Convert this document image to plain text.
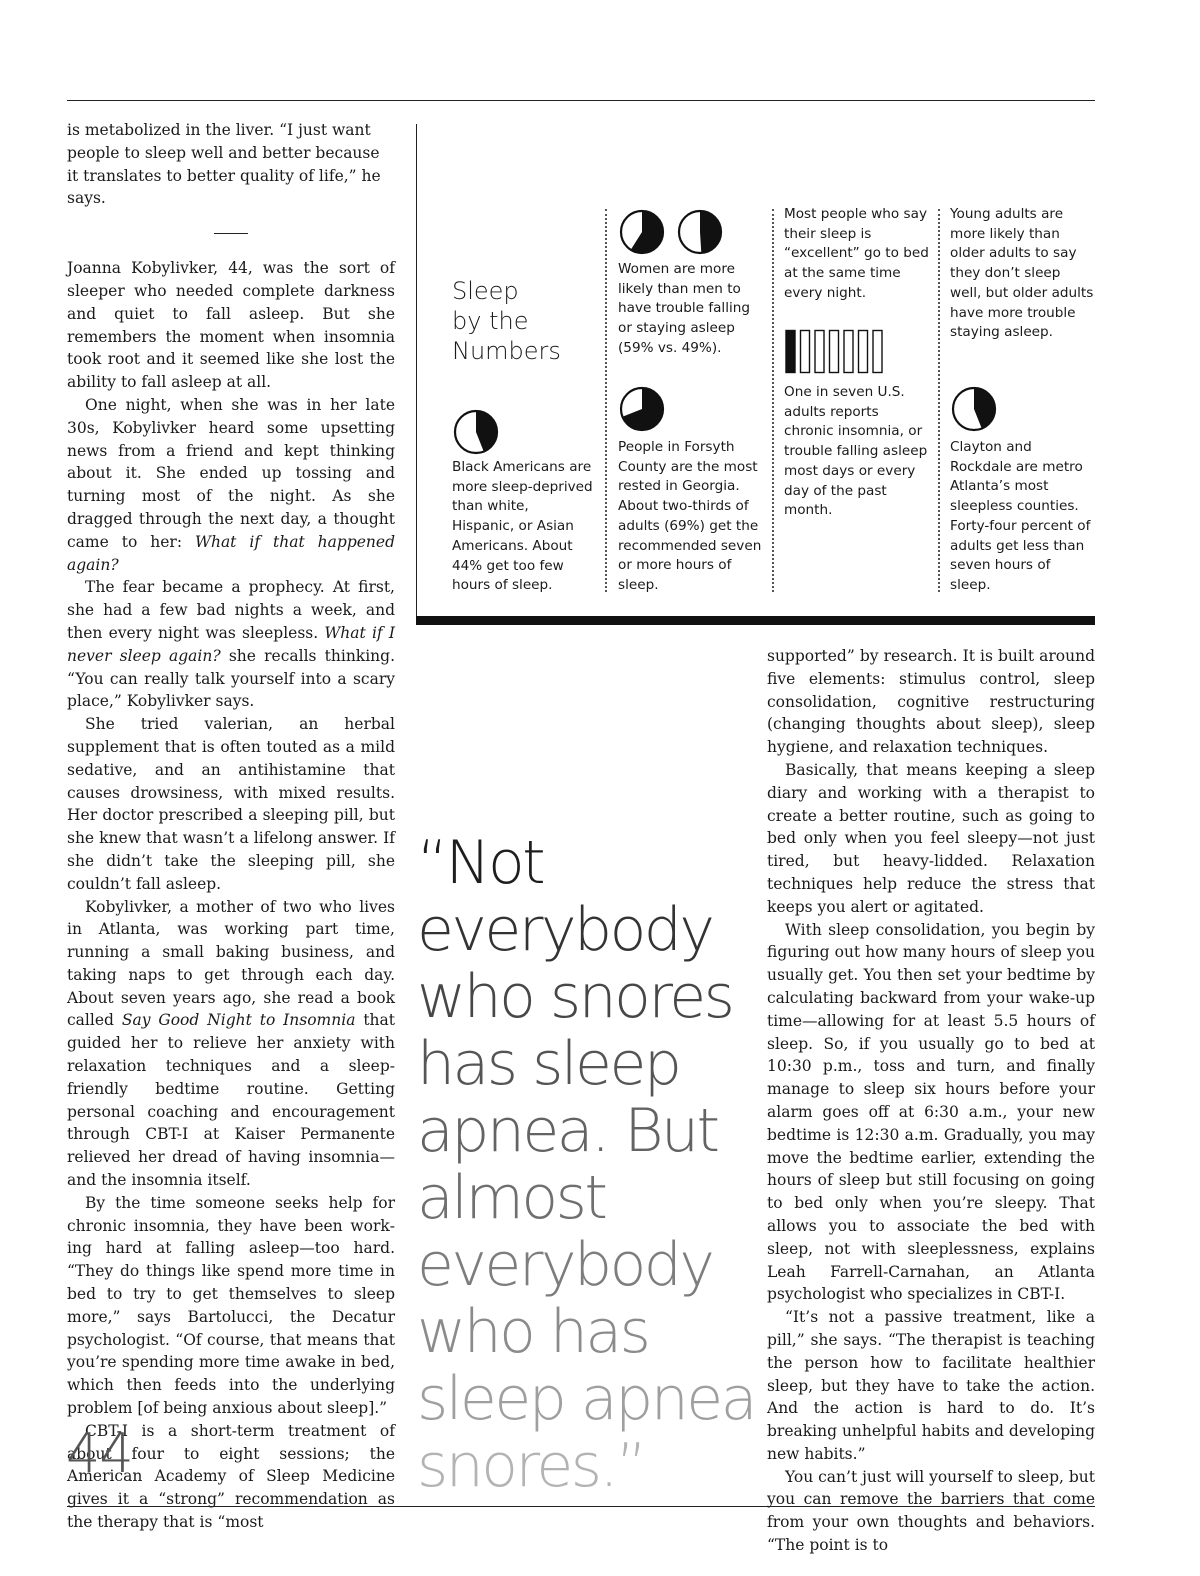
is metabolized in the liver. “I just want people to sleep well and better because it translates to better quality of life,” he says.

Joanna Kobylivker, 44, was the sort of sleeper who needed complete darkness and quiet to fall asleep. But she remembers the moment when insomnia took root and it seemed like she lost the ability to fall asleep at all.

One night, when she was in her late 30s, Kobylivker heard some upsetting news from a friend and kept thinking about it. She ended up tossing and turning most of the night. As she dragged through the next day, a thought came to her: What if that happened again?

The fear became a prophecy. At first, she had a few bad nights a week, and then every night was sleepless. What if I never sleep again? she recalls thinking. “You can really talk yourself into a scary place,” Kobylivker says.

She tried valerian, an herbal supplement that is often touted as a mild sedative, and an antihistamine that causes drowsiness, with mixed results. Her doctor prescribed a sleeping pill, but she knew that wasn’t a lifelong answer. If she didn’t take the sleeping pill, she couldn’t fall asleep.

Kobylivker, a mother of two who lives in Atlanta, was working part time, running a small baking business, and taking naps to get through each day. About seven years ago, she read a book called Say Good Night to Insomnia that guided her to relieve her anxiety with relaxation techniques and a sleep-friendly bedtime routine. Getting personal coaching and encouragement through CBT-I at Kaiser Permanente relieved her dread of having insomnia—and the insomnia itself.

By the time someone seeks help for chronic insomnia, they have been working hard at falling asleep—too hard. “They do things like spend more time in bed to try to get themselves to sleep more,” says Bartolucci, the Decatur psychologist. “Of course, that means that you’re spending more time awake in bed, which then feeds into the underlying problem [of being anxious about sleep].”

CBT-I is a short-term treatment of about four to eight sessions; the American Academy of Sleep Medicine gives it a “strong” recommendation as the therapy that is “most

Sleep
by the
Numbers
Black Americans are more sleep-deprived than white, Hispanic, or Asian Americans. About 44% get too few hours of sleep.
Women are more likely than men to have trouble falling or staying asleep (59% vs. 49%).
People in Forsyth County are the most rested in Georgia. About two-thirds of adults (69%) get the recommended seven or more hours of sleep.
Most people who say their sleep is “excellent” go to bed at the same time every night.
One in seven U.S. adults reports chronic insomnia, or trouble falling asleep most days or every day of the past month.
Young adults are more likely than older adults to say they don’t sleep well, but older adults have more trouble staying asleep.
Clayton and Rockdale are metro Atlanta’s most sleepless counties. Forty-four percent of adults get less than seven hours of sleep.
“Not
everybody
who snores
has sleep
apnea. But
almost
everybody
who has
sleep apnea
snores.”

supported” by research. It is built around five elements: stimulus control, sleep consolidation, cognitive restructuring (changing thoughts about sleep), sleep hygiene, and relaxation techniques.

Basically, that means keeping a sleep diary and working with a therapist to create a better routine, such as going to bed only when you feel sleepy—not just tired, but heavy-lidded. Relaxation techniques help reduce the stress that keeps you alert or agitated.

With sleep consolidation, you begin by figuring out how many hours of sleep you usually get. You then set your bedtime by calculating backward from your wake-up time—allowing for at least 5.5 hours of sleep. So, if you usually go to bed at 10:30 p.m., toss and turn, and finally manage to sleep six hours before your alarm goes off at 6:30 a.m., your new bedtime is 12:30 a.m. Gradually, you may move the bedtime earlier, extending the hours of sleep but still focusing on going to bed only when you’re sleepy. That allows you to associate the bed with sleep, not with sleeplessness, explains Leah Farrell-Carnahan, an Atlanta psychologist who specializes in CBT-I.

“It’s not a passive treatment, like a pill,” she says. “The therapist is teaching the person how to facilitate healthier sleep, but they have to take the action. And the action is hard to do. It’s breaking unhelpful habits and developing new habits.”

You can’t just will yourself to sleep, but you can remove the barriers that come from your own thoughts and behaviors. “The point is to

44
